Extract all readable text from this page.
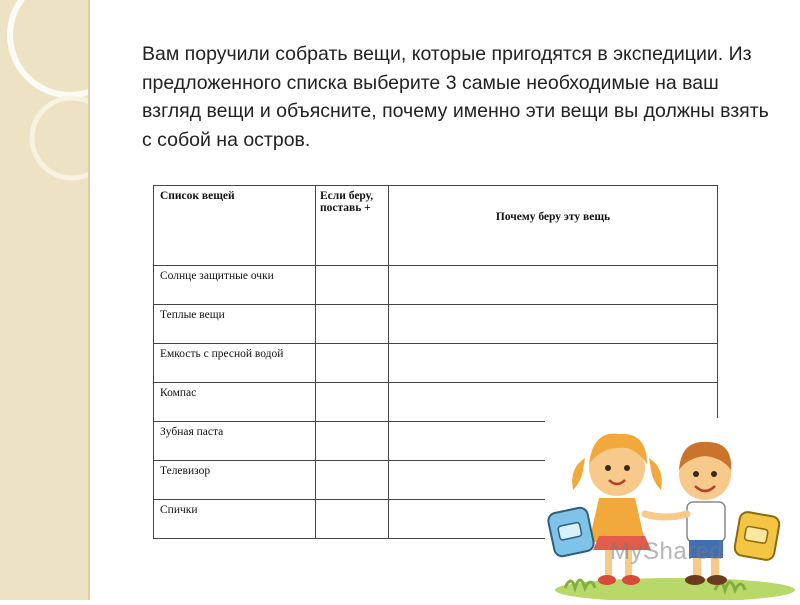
Вам поручили собрать вещи, которые пригодятся в экспедиции. Из предложенного списка выберите 3 самые необходимые на ваш взгляд вещи и объясните, почему именно эти вещи вы должны взять с собой на остров.

Список вещей	Если беру, поставь +	Почему беру эту вещь

Солнце защитные очки		
Теплые вещи		
Емкость с пресной водой		
Компас		
Зубная паста		
Телевизор		
Спички		
MyShared
